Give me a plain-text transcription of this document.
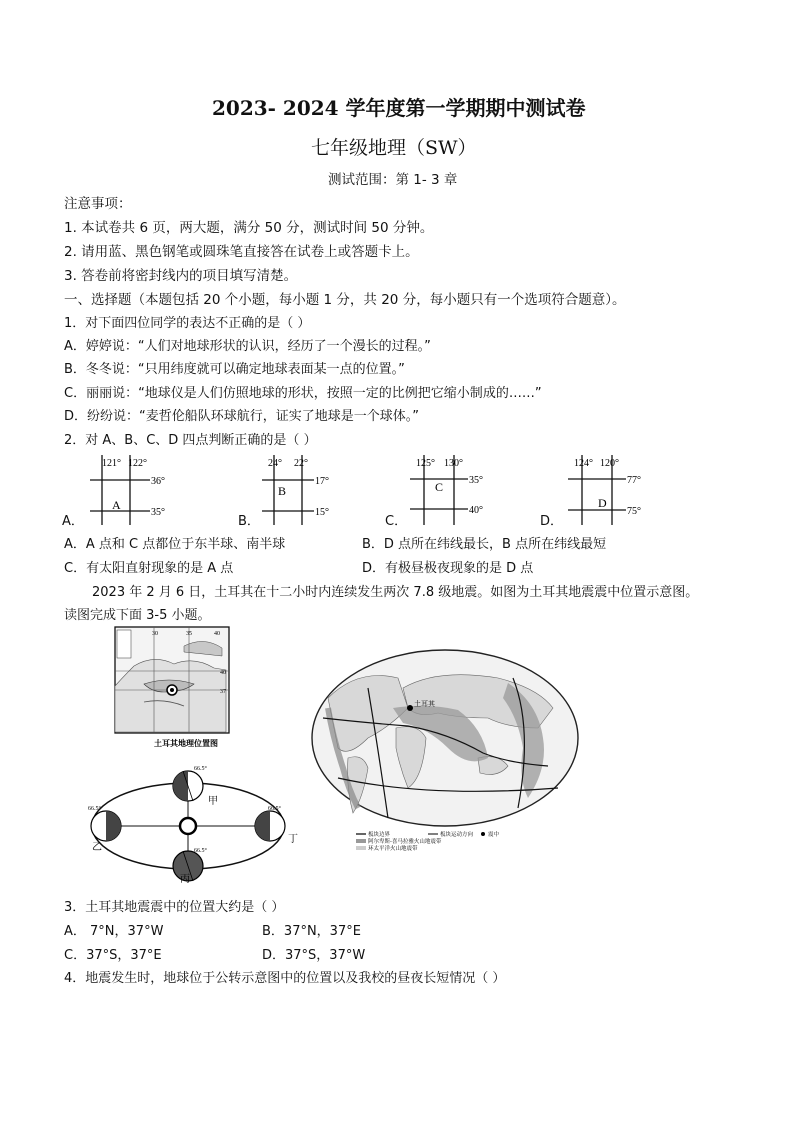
2023- 2024 学年度第一学期期中测试卷
七年级地理（SW）
测试范围：第 1- 3 章
注意事项：
1. 本试卷共 6 页，两大题，满分 50 分，测试时间 50 分钟。
2. 请用蓝、黑色钢笔或圆珠笔直接答在试卷上或答题卡上。
3. 答卷前将密封线内的项目填写清楚。
一、选择题（本题包括 20 个小题，每小题 1 分，共 20 分，每小题只有一个选项符合题意）。
1．对下面四位同学的表达不正确的是（ ）
A．婷婷说：“人们对地球形状的认识，经历了一个漫长的过程。”
B．冬冬说：“只用纬度就可以确定地球表面某一点的位置。”
C．丽丽说：“地球仪是人们仿照地球的形状，按照一定的比例把它缩小制成的……”
D．纷纷说：“麦哲伦船队环球航行，证实了地球是一个球体。”
2．对 A、B、C、D 四点判断正确的是（ ）
A．
121° 122°
36°
35°
A
B．
24° 22°
17°
15°
B
C．
125° 130°
35°
40°
C
D．
124° 120°
77°
75°
D
A．A 点和 C 点都位于东半球、南半球	B．D 点所在纬线最长，B 点所在纬线最短
C．有太阳直射现象的是 A 点	D．有极昼极夜现象的是 D 点
2023 年 2 月 6 日，土耳其在十二小时内连续发生两次 7.8 级地震。如图为土耳其地震震中位置示意图。
读图完成下面 3-5 小题。
30	35	40
40
37
土耳其地理位置图
甲
乙
丙
丁
66.5°
66.5°
66.5°
66.5°
土耳其
板块边界	板块运动方向	震中
阿尔卑斯-喜马拉雅火山地震带
环太平洋火山地震带
3．土耳其地震震中的位置大约是（ ）
A． 7°N，37°W	B．37°N，37°E
C．37°S，37°E	D．37°S，37°W
4．地震发生时，地球位于公转示意图中的位置以及我校的昼夜长短情况（ ）
